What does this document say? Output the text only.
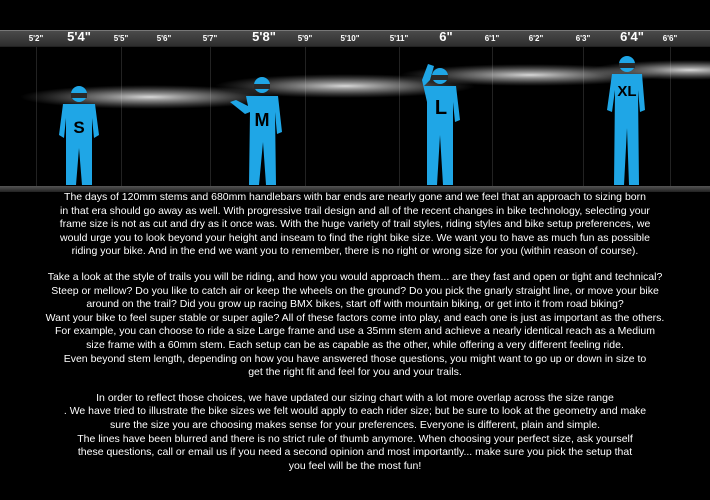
5'2" 5'4"	5'5"	5'6"	5'7"	5'8"	5'9"	5'10"	5'11" 6"	6'1"	6'2"	6'3" 6'4" 6'6"
S	M
L
XL

The days of 120mm stems and 680mm handlebars with bar ends are nearly gone and we feel that an approach to sizing born

in that era should go away as well. With progressive trail design and all of the recent changes in bike technology, selecting your

frame size is not as cut and dry as it once was. With the huge variety of trail styles, riding styles and bike setup preferences, we

would urge you to look beyond your height and inseam to find the right bike size. We want you to have as much fun as possible

riding your bike. And in the end we want you to remember, there is no right or wrong size for you (within reason of course).

Take a look at the style of trails you will be riding, and how you would approach them... are they fast and open or tight and technical?

Steep or mellow? Do you like to catch air or keep the wheels on the ground? Do you pick the gnarly straight line, or move your bike

around on the trail? Did you grow up racing BMX bikes, start off with mountain biking, or get into it from road biking?

Want your bike to feel super stable or super agile? All of these factors come into play, and each one is just as important as the others.

For example, you can choose to ride a size Large frame and use a 35mm stem and achieve a nearly identical reach as a Medium

size frame with a 60mm stem. Each setup can be as capable as the other, while offering a very different feeling ride.

Even beyond stem length, depending on how you have answered those questions, you might want to go up or down in size to

get the right fit and feel for you and your trails.

In order to reflect those choices, we have updated our sizing chart with a lot more overlap across the size range

. We have tried to illustrate the bike sizes we felt would apply to each rider size; but be sure to look at the geometry and make

sure the size you are choosing makes sense for your preferences. Everyone is different, plain and simple.

The lines have been blurred and there is no strict rule of thumb anymore. When choosing your perfect size, ask yourself

these questions, call or email us if you need a second opinion and most importantly... make sure you pick the setup that

you feel will be the most fun!
